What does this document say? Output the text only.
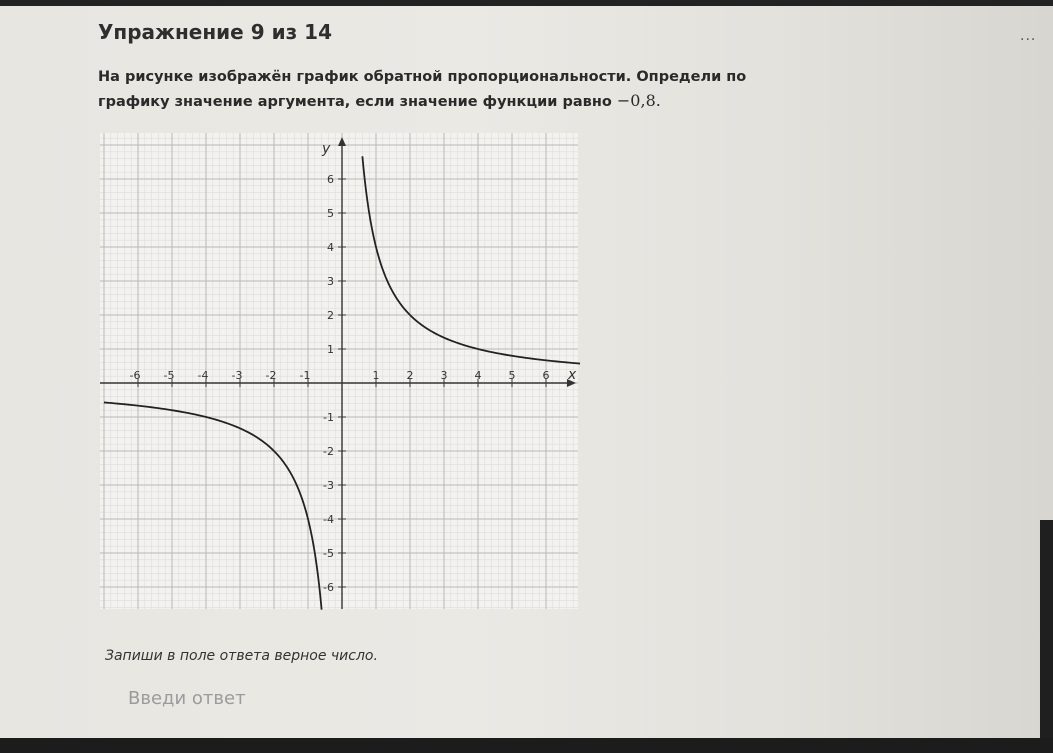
Упражнение 9 из 14	...
На рисунке изображён график обратной пропорциональности. Определи по графику значение аргумента, если значение функции равно −0,8.
-6 -5 -4 -3 -2 -1	1 2 3 4 5 6
6
5
4
3
2
1
-1
-2
-3
-4
-5
-6
x
y
Запиши в поле ответа верное число.
Введи ответ
